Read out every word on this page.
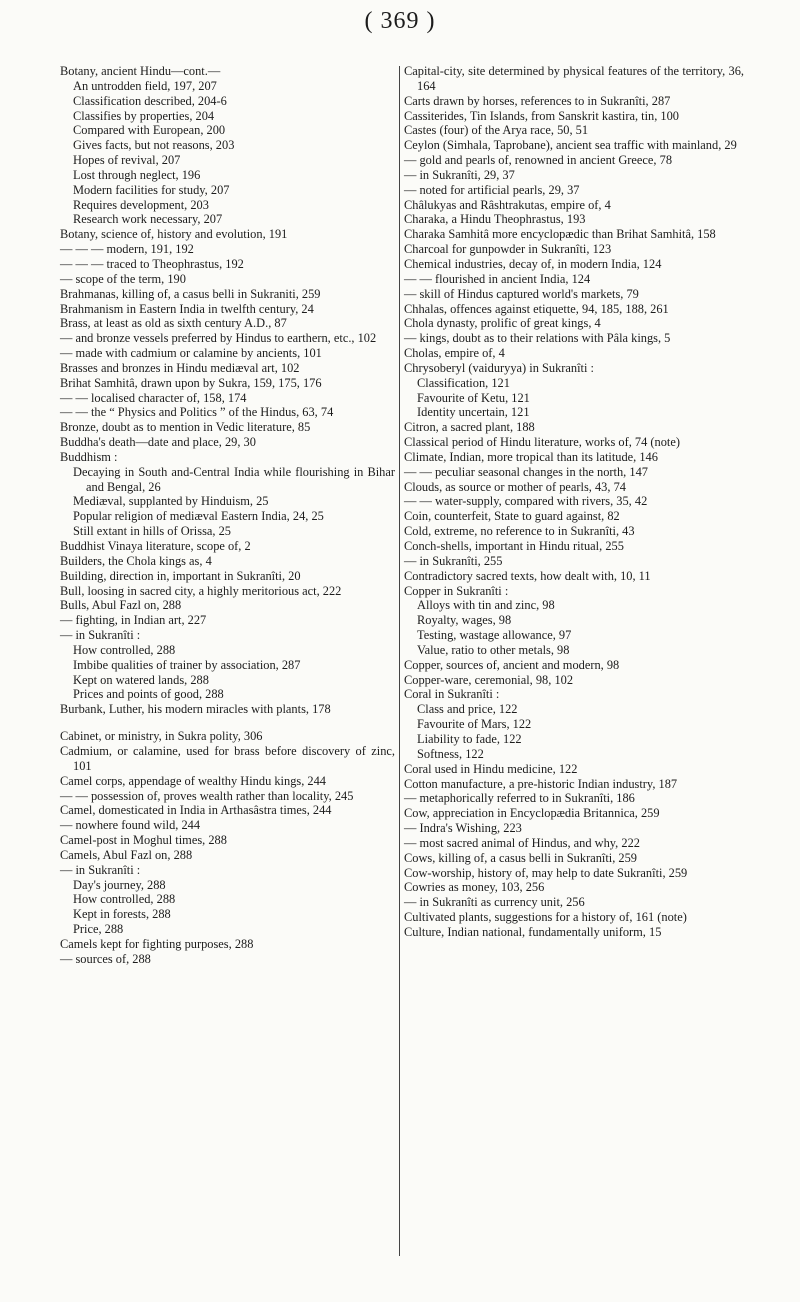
( 369 )

Botany, ancient Hindu—cont.—

An untrodden field, 197, 207

Classification described, 204-6

Classifies by properties, 204

Compared with European, 200

Gives facts, but not reasons, 203

Hopes of revival, 207

Lost through neglect, 196

Modern facilities for study, 207

Requires development, 203

Research work necessary, 207

Botany, science of, history and evolution, 191

— — — modern, 191, 192

— — — traced to Theophrastus, 192

— scope of the term, 190

Brahmanas, killing of, a casus belli in Sukraniti, 259

Brahmanism in Eastern India in twelfth century, 24

Brass, at least as old as sixth century A.D., 87

— and bronze vessels preferred by Hindus to earthern, etc., 102

— made with cadmium or calamine by ancients, 101

Brasses and bronzes in Hindu mediæval art, 102

Brihat Samhitâ, drawn upon by Sukra, 159, 175, 176

— — localised character of, 158, 174

— — the “ Physics and Politics ” of the Hindus, 63, 74

Bronze, doubt as to mention in Vedic literature, 85

Buddha's death—date and place, 29, 30

Buddhism :

Decaying in South and-Central India while flourishing in Bihar and Bengal, 26

Mediæval, supplanted by Hinduism, 25

Popular religion of mediæval Eastern India, 24, 25

Still extant in hills of Orissa, 25

Buddhist Vinaya literature, scope of, 2

Builders, the Chola kings as, 4

Building, direction in, important in Sukranîti, 20

Bull, loosing in sacred city, a highly meritorious act, 222

Bulls, Abul Fazl on, 288

— fighting, in Indian art, 227

— in Sukranîti :

How controlled, 288

Imbibe qualities of trainer by association, 287

Kept on watered lands, 288

Prices and points of good, 288

Burbank, Luther, his modern miracles with plants, 178

Cabinet, or ministry, in Sukra polity, 306

Cadmium, or calamine, used for brass before discovery of zinc, 101

Camel corps, appendage of wealthy Hindu kings, 244

— — possession of, proves wealth rather than locality, 245

Camel, domesticated in India in Arthasâstra times, 244

— nowhere found wild, 244

Camel-post in Moghul times, 288

Camels, Abul Fazl on, 288

— in Sukranîti :

Day's journey, 288

How controlled, 288

Kept in forests, 288

Price, 288

Camels kept for fighting purposes, 288

— sources of, 288

Capital-city, site determined by physical features of the territory, 36, 164

Carts drawn by horses, references to in Sukranîti, 287

Cassiterides, Tin Islands, from Sanskrit kastira, tin, 100

Castes (four) of the Arya race, 50, 51

Ceylon (Simhala, Taprobane), ancient sea traffic with mainland, 29

— gold and pearls of, renowned in ancient Greece, 78

— in Sukranîti, 29, 37

— noted for artificial pearls, 29, 37

Châlukyas and Râshtrakutas, empire of, 4

Charaka, a Hindu Theophrastus, 193

Charaka Samhitâ more encyclopædic than Brihat Samhitâ, 158

Charcoal for gunpowder in Sukranîti, 123

Chemical industries, decay of, in modern India, 124

— — flourished in ancient India, 124

— skill of Hindus captured world's markets, 79

Chhalas, offences against etiquette, 94, 185, 188, 261

Chola dynasty, prolific of great kings, 4

— kings, doubt as to their relations with Pâla kings, 5

Cholas, empire of, 4

Chrysoberyl (vaiduryya) in Sukranîti :

Classification, 121

Favourite of Ketu, 121

Identity uncertain, 121

Citron, a sacred plant, 188

Classical period of Hindu literature, works of, 74 (note)

Climate, Indian, more tropical than its latitude, 146

— — peculiar seasonal changes in the north, 147

Clouds, as source or mother of pearls, 43, 74

— — water-supply, compared with rivers, 35, 42

Coin, counterfeit, State to guard against, 82

Cold, extreme, no reference to in Sukranîti, 43

Conch-shells, important in Hindu ritual, 255

— in Sukranîti, 255

Contradictory sacred texts, how dealt with, 10, 11

Copper in Sukranîti :

Alloys with tin and zinc, 98

Royalty, wages, 98

Testing, wastage allowance, 97

Value, ratio to other metals, 98

Copper, sources of, ancient and modern, 98

Copper-ware, ceremonial, 98, 102

Coral in Sukranîti :

Class and price, 122

Favourite of Mars, 122

Liability to fade, 122

Softness, 122

Coral used in Hindu medicine, 122

Cotton manufacture, a pre-historic Indian industry, 187

— metaphorically referred to in Sukranîti, 186

Cow, appreciation in Encyclopædia Britannica, 259

— Indra's Wishing, 223

— most sacred animal of Hindus, and why, 222

Cows, killing of, a casus belli in Sukranîti, 259

Cow-worship, history of, may help to date Sukranîti, 259

Cowries as money, 103, 256

— in Sukranîti as currency unit, 256

Cultivated plants, suggestions for a history of, 161 (note)

Culture, Indian national, fundamentally uniform, 15
